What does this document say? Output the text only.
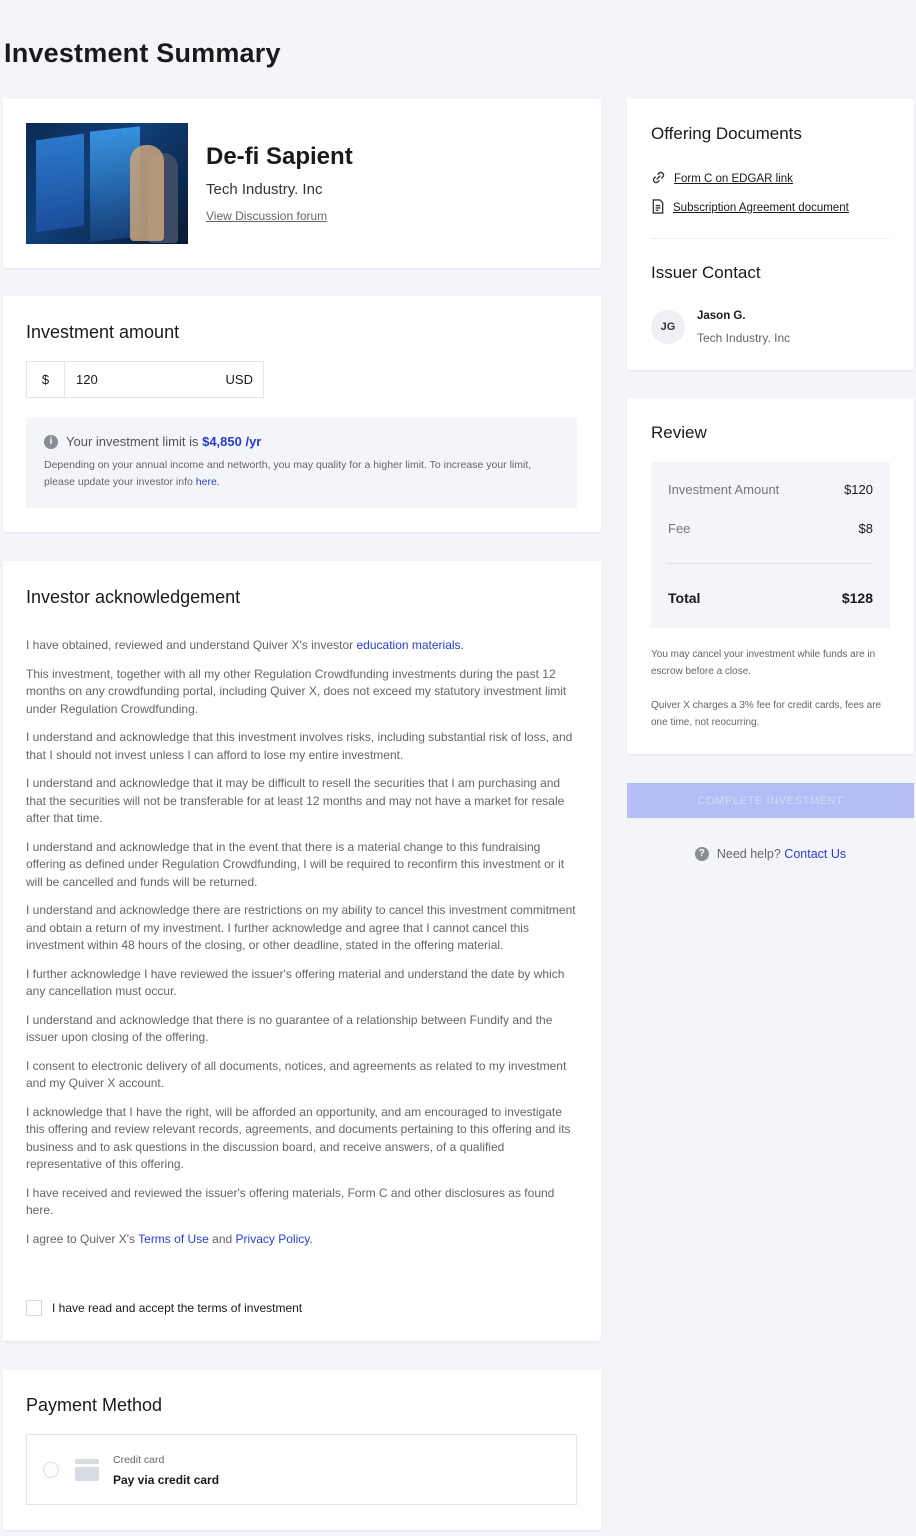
Investment Summary
De-fi Sapient
Tech Industry. Inc
View Discussion forum
Investment amount
$
120	USD
i	Your investment limit is
$4,850 /yr
Depending on your annual income and networth, you may quality for a higher limit. To increase your limit, please update your investor info here.
Investor acknowledgement
I have obtained, reviewed and understand Quiver X's investor education materials.
This investment, together with all my other Regulation Crowdfunding investments during the past 12 months on any crowdfunding portal, including Quiver X, does not exceed my statutory investment limit under Regulation Crowdfunding.
I understand and acknowledge that this investment involves risks, including substantial risk of loss, and that I should not invest unless I can afford to lose my entire investment.
I understand and acknowledge that it may be difficult to resell the securities that I am purchasing and that the securities will not be transferable for at least 12 months and may not have a market for resale after that time.
I understand and acknowledge that in the event that there is a material change to this fundraising offering as defined under Regulation Crowdfunding, I will be required to reconfirm this investment or it will be cancelled and funds will be returned.
I understand and acknowledge there are restrictions on my ability to cancel this investment commitment and obtain a return of my investment. I further acknowledge and agree that I cannot cancel this investment within 48 hours of the closing, or other deadline, stated in the offering material.
I further acknowledge I have reviewed the issuer's offering material and understand the date by which any cancellation must occur.
I understand and acknowledge that there is no guarantee of a relationship between Fundify and the issuer upon closing of the offering.
I consent to electronic delivery of all documents, notices, and agreements as related to my investment and my Quiver X account.
I acknowledge that I have the right, will be afforded an opportunity, and am encouraged to investigate this offering and review relevant records, agreements, and documents pertaining to this offering and its business and to ask questions in the discussion board, and receive answers, of a qualified representative of this offering.
I have received and reviewed the issuer's offering materials, Form C and other disclosures as found here.
I agree to Quiver X's Terms of Use and Privacy Policy.
I have read and accept the terms of investment
Payment Method
Credit card
Pay via credit card
Offering Documents
Form C on EDGAR link
Subscription Agreement document
Issuer Contact
JG
Jason G.
Tech Industry. Inc
Review
Investment Amount	$120
Fee	$8
Total	$128
You may cancel your investment while funds are in escrow before a close.
Quiver X charges a 3% fee for credit cards, fees are one time, not reocurring.
COMPLETE INVESTMENT
? Need help?
Contact Us
